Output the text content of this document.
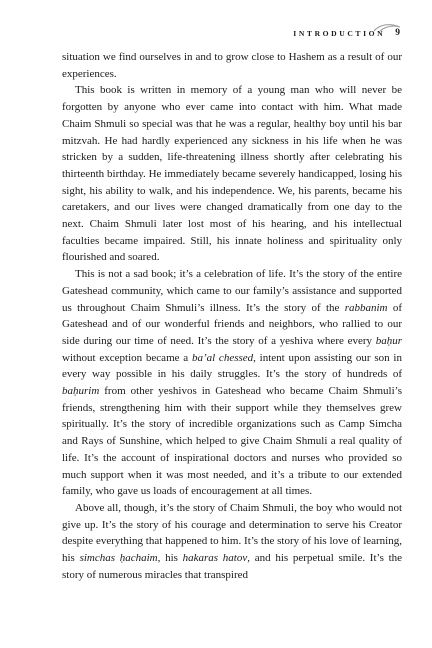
INTRODUCTION 9

situation we find ourselves in and to grow close to Hashem as a result of our experiences.

This book is written in memory of a young man who will never be forgotten by anyone who ever came into contact with him. What made Chaim Shmuli so special was that he was a regular, healthy boy until his bar mitzvah. He had hardly experienced any sickness in his life when he was stricken by a sudden, life-threatening illness shortly after celebrating his thirteenth birthday. He immediately became severely handicapped, losing his sight, his ability to walk, and his independence. We, his parents, became his caretakers, and our lives were changed dramatically from one day to the next. Chaim Shmuli later lost most of his hearing, and his intellectual faculties became impaired. Still, his innate holiness and spirituality only flourished and soared.

This is not a sad book; it’s a celebration of life. It’s the story of the entire Gateshead community, which came to our family’s assistance and supported us throughout Chaim Shmuli’s illness. It’s the story of the rabbanim of Gateshead and of our wonderful friends and neighbors, who rallied to our side during our time of need. It’s the story of a yeshiva where every baḥur without exception became a ba’al chessed, intent upon assisting our son in every way possible in his daily struggles. It’s the story of hundreds of baḥurim from other yeshivos in Gateshead who became Chaim Shmuli’s friends, strengthening him with their support while they themselves grew spiritually. It’s the story of incredible organizations such as Camp Simcha and Rays of Sunshine, which helped to give Chaim Shmuli a real quality of life. It’s the account of inspirational doctors and nurses who provided so much support when it was most needed, and it’s a tribute to our extended family, who gave us loads of encouragement at all times.

Above all, though, it’s the story of Chaim Shmuli, the boy who would not give up. It’s the story of his courage and determination to serve his Creator despite everything that happened to him. It’s the story of his love of learning, his simchas ḥachaim, his hakaras hatov, and his perpetual smile. It’s the story of numerous miracles that transpired
